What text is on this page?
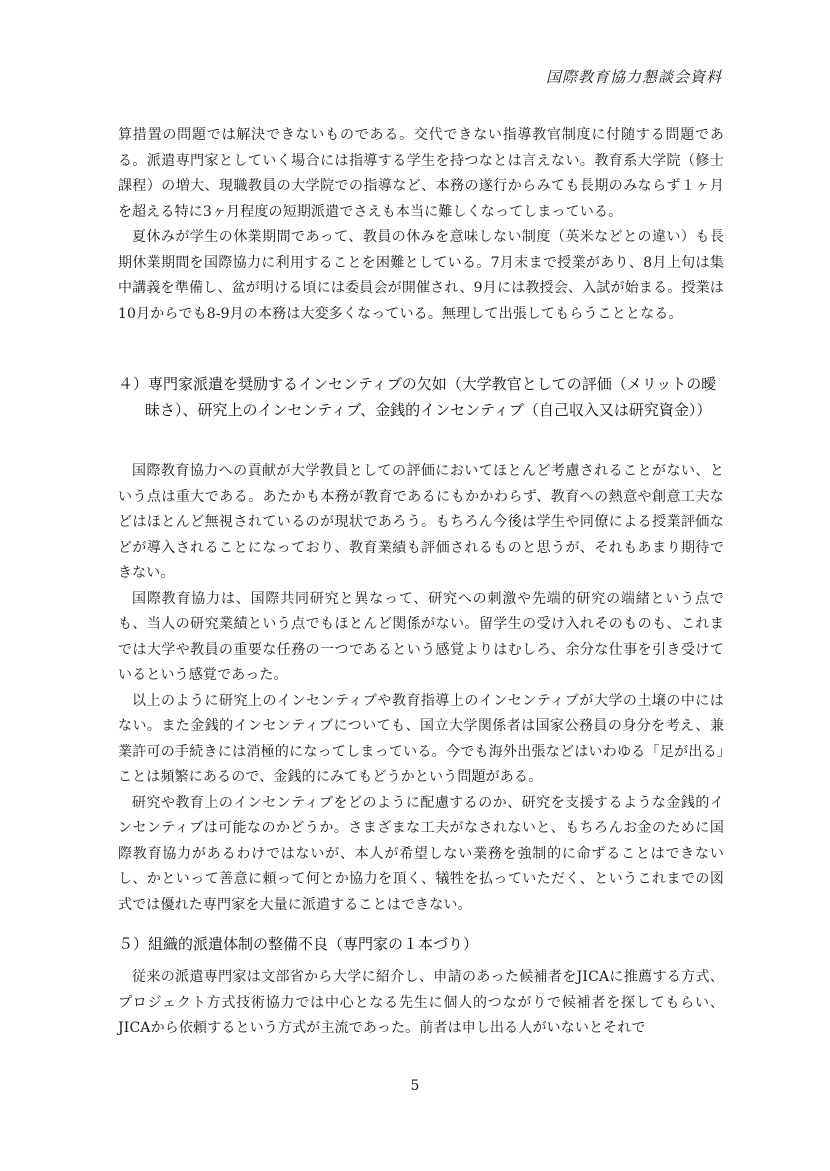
国際教育協力懇談会資料

算措置の問題では解決できないものである。交代できない指導教官制度に付随する問題である。派遣専門家としていく場合には指導する学生を持つなとは言えない。教育系大学院（修士課程）の増大、現職教員の大学院での指導など、本務の遂行からみても長期のみならず１ヶ月を超える特に3ヶ月程度の短期派遣でさえも本当に難しくなってしまっている。

夏休みが学生の休業期間であって、教員の休みを意味しない制度（英米などとの違い）も長期休業期間を国際協力に利用することを困難としている。7月末まで授業があり、8月上旬は集中講義を準備し、盆が明ける頃には委員会が開催され、9月には教授会、入試が始まる。授業は10月からでも8-9月の本務は大変多くなっている。無理して出張してもらうこととなる。

４）専門家派遣を奨励するインセンティブの欠如（大学教官としての評価（メリットの曖昧さ）、研究上のインセンティブ、金銭的インセンティブ（自己収入又は研究資金））

国際教育協力への貢献が大学教員としての評価においてほとんど考慮されることがない、という点は重大である。あたかも本務が教育であるにもかかわらず、教育への熱意や創意工夫などはほとんど無視されているのが現状であろう。もちろん今後は学生や同僚による授業評価などが導入されることになっており、教育業績も評価されるものと思うが、それもあまり期待できない。

国際教育協力は、国際共同研究と異なって、研究への刺激や先端的研究の端緒という点でも、当人の研究業績という点でもほとんど関係がない。留学生の受け入れそのものも、これまでは大学や教員の重要な任務の一つであるという感覚よりはむしろ、余分な仕事を引き受けているという感覚であった。

以上のように研究上のインセンティブや教育指導上のインセンティブが大学の土壌の中にはない。また金銭的インセンティブについても、国立大学関係者は国家公務員の身分を考え、兼業許可の手続きには消極的になってしまっている。今でも海外出張などはいわゆる「足が出る」ことは頻繁にあるので、金銭的にみてもどうかという問題がある。

研究や教育上のインセンティブをどのように配慮するのか、研究を支援するような金銭的インセンティブは可能なのかどうか。さまざまな工夫がなされないと、もちろんお金のために国際教育協力があるわけではないが、本人が希望しない業務を強制的に命ずることはできないし、かといって善意に頼って何とか協力を頂く、犠牲を払っていただく、というこれまでの図式では優れた専門家を大量に派遣することはできない。

５）組織的派遣体制の整備不良（専門家の１本づり）

従来の派遣専門家は文部省から大学に紹介し、申請のあった候補者をJICAに推薦する方式、プロジェクト方式技術協力では中心となる先生に個人的つながりで候補者を探してもらい、JICAから依頼するという方式が主流であった。前者は申し出る人がいないとそれで

5
